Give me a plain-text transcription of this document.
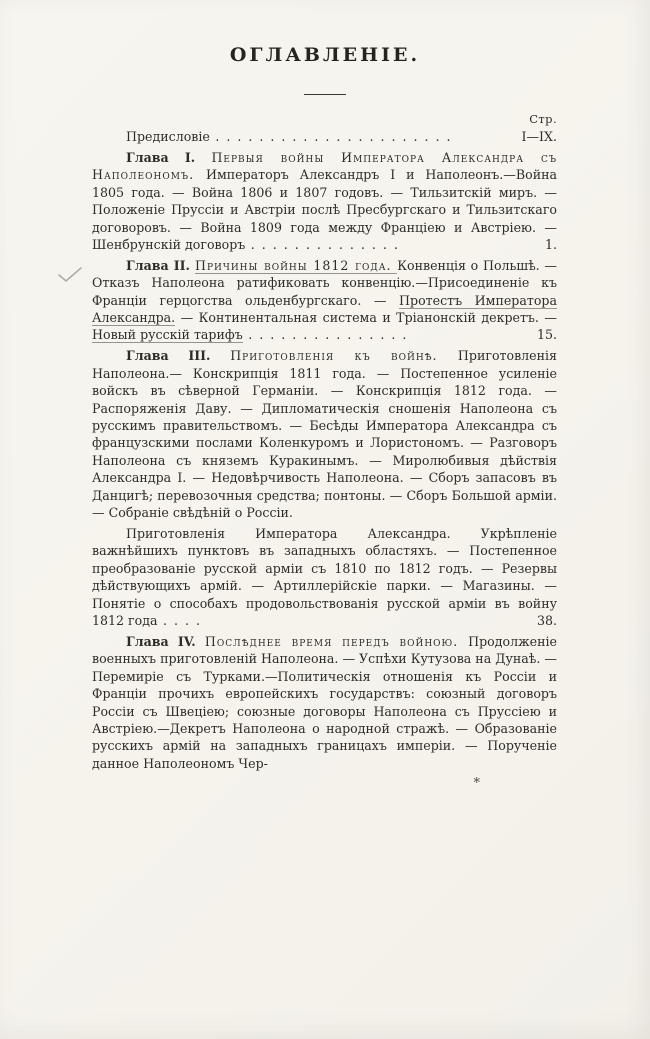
ОГЛАВЛЕНІЕ.
Стр.

Предисловіе . . . . . . . . . . . . . . . . . . . . . .	I—IX.

Глава I. Первыя войны Императора Александра съ Наполеономъ. Императоръ Александръ I и Наполеонъ.—Война 1805 года. — Война 1806 и 1807 годовъ. — Тильзитскій миръ. — Положеніе Пруссіи и Австріи послѣ Пресбургскаго и Тильзитскаго договоровъ. — Война 1809 года между Франціею и Австріею. — Шенбрунскій договоръ . . . . . . . . . . . . . .	1.

Глава II. Причины войны 1812 года. Конвенція о Польшѣ. — Отказъ Наполеона ратификовать конвенцію.—Присоединеніе къ Франціи герцогства ольденбургскаго. — Протестъ Императора Александра. — Континентальная система и Тріанонскій декретъ. — Новый русскій тарифъ . . . . . . . . . . . . . . .	15.

Глава III. Приготовленія къ войнѣ. Приготовленія Наполеона.— Конскрипція 1811 года. — Постепенное усиленіе войскъ въ сѣверной Германіи. — Конскрипція 1812 года. — Распоряженія Даву. — Дипломатическія сношенія Наполеона съ русскимъ правительствомъ. — Бесѣды Императора Александра съ французскими послами Коленкуромъ и Лористономъ. — Разговоръ Наполеона съ княземъ Куракинымъ. — Миролюбивыя дѣйствія Александра I. — Недовѣрчивость Наполеона. — Сборъ запасовъ въ Данцигѣ; перевозочныя средства; понтоны. — Сборъ Большой арміи. — Собраніе свѣдѣній о Россіи.

Приготовленія Императора Александра. Укрѣпленіе важнѣйшихъ пунктовъ въ западныхъ областяхъ. — Постепенное преобразованіе русской арміи съ 1810 по 1812 годъ. — Резервы дѣйствующихъ армій. — Артиллерійскіе парки. — Магазины. — Понятіе о способахъ продовольствованія русской арміи въ войну 1812 года . . . .	38.

Глава IV. Послѣднее время передъ войною. Продолженіе военныхъ приготовленій Наполеона. — Успѣхи Кутузова на Дунаѣ. — Перемиріе съ Турками.—Политическія отношенія къ Россіи и Франціи прочихъ европейскихъ государствъ: союзный договоръ Россіи съ Швеціею; союзные договоры Наполеона съ Пруссіею и Австріею.—Декретъ Наполеона о народной стражѣ. — Образованіе русскихъ армій на западныхъ границахъ имперіи. — Порученіе данное Наполеономъ Чер-

*
